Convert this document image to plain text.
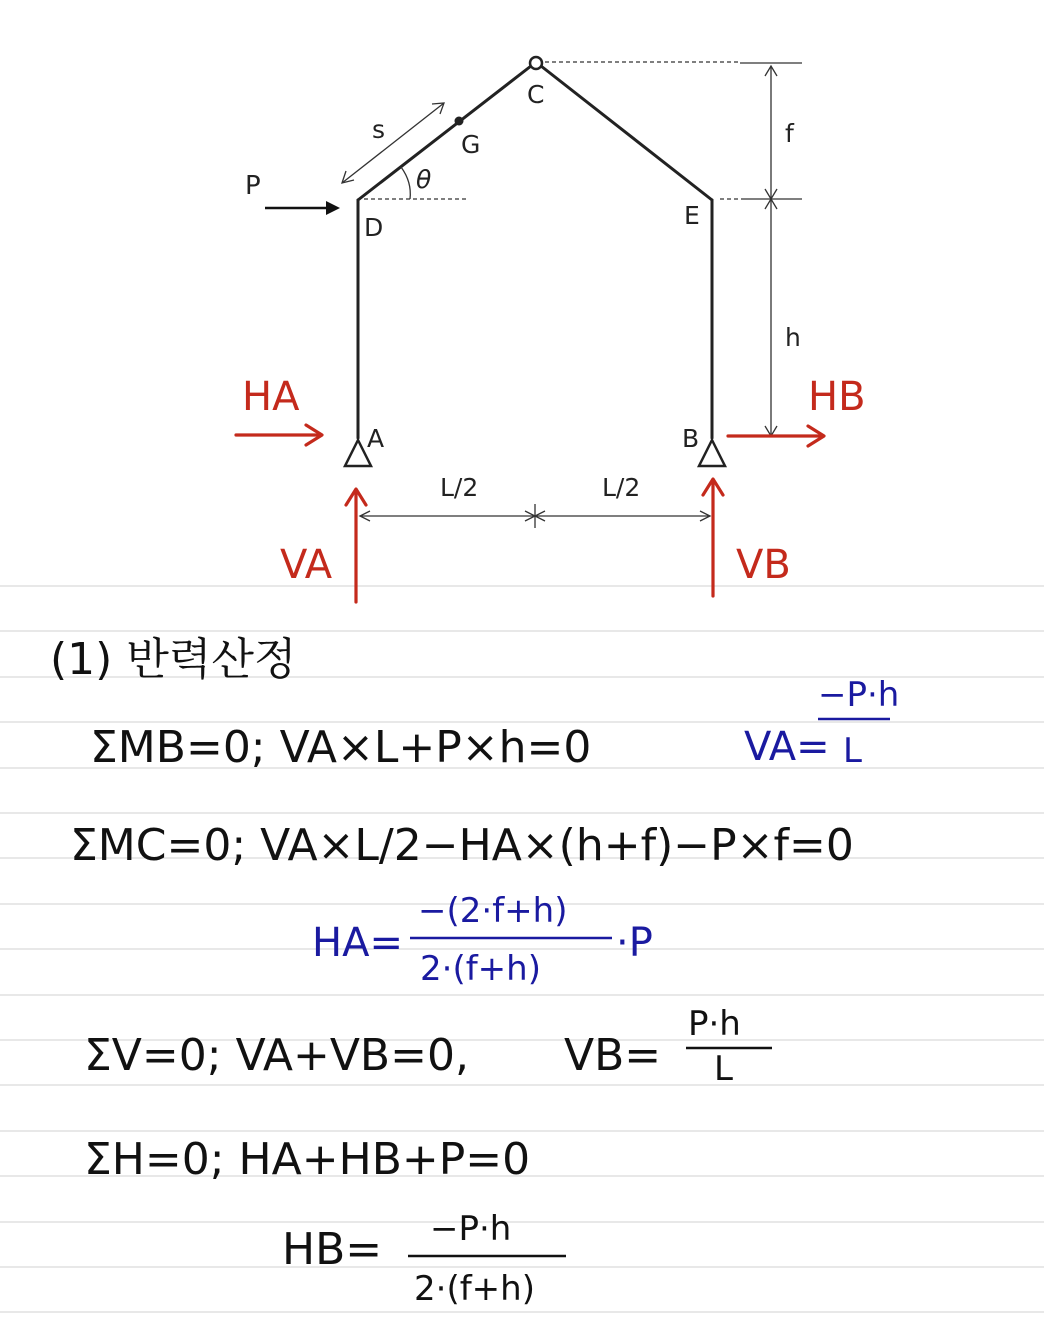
C
G
s
θ
P
D	E
A	B
f
h
L/2	L/2
HA	HB
VA	VB
(1) 반력산정
ΣMB=0; VA×L+P×h=0	VA=
−P·h
L
ΣMC=0; VA×L/2−HA×(h+f)−P×f=0
HA=
−(2·f+h)
2·(f+h)
·P
ΣV=0; VA+VB=0, VB=
P·h
L
ΣH=0; HA+HB+P=0
HB= −P·h
2·(f+h)
